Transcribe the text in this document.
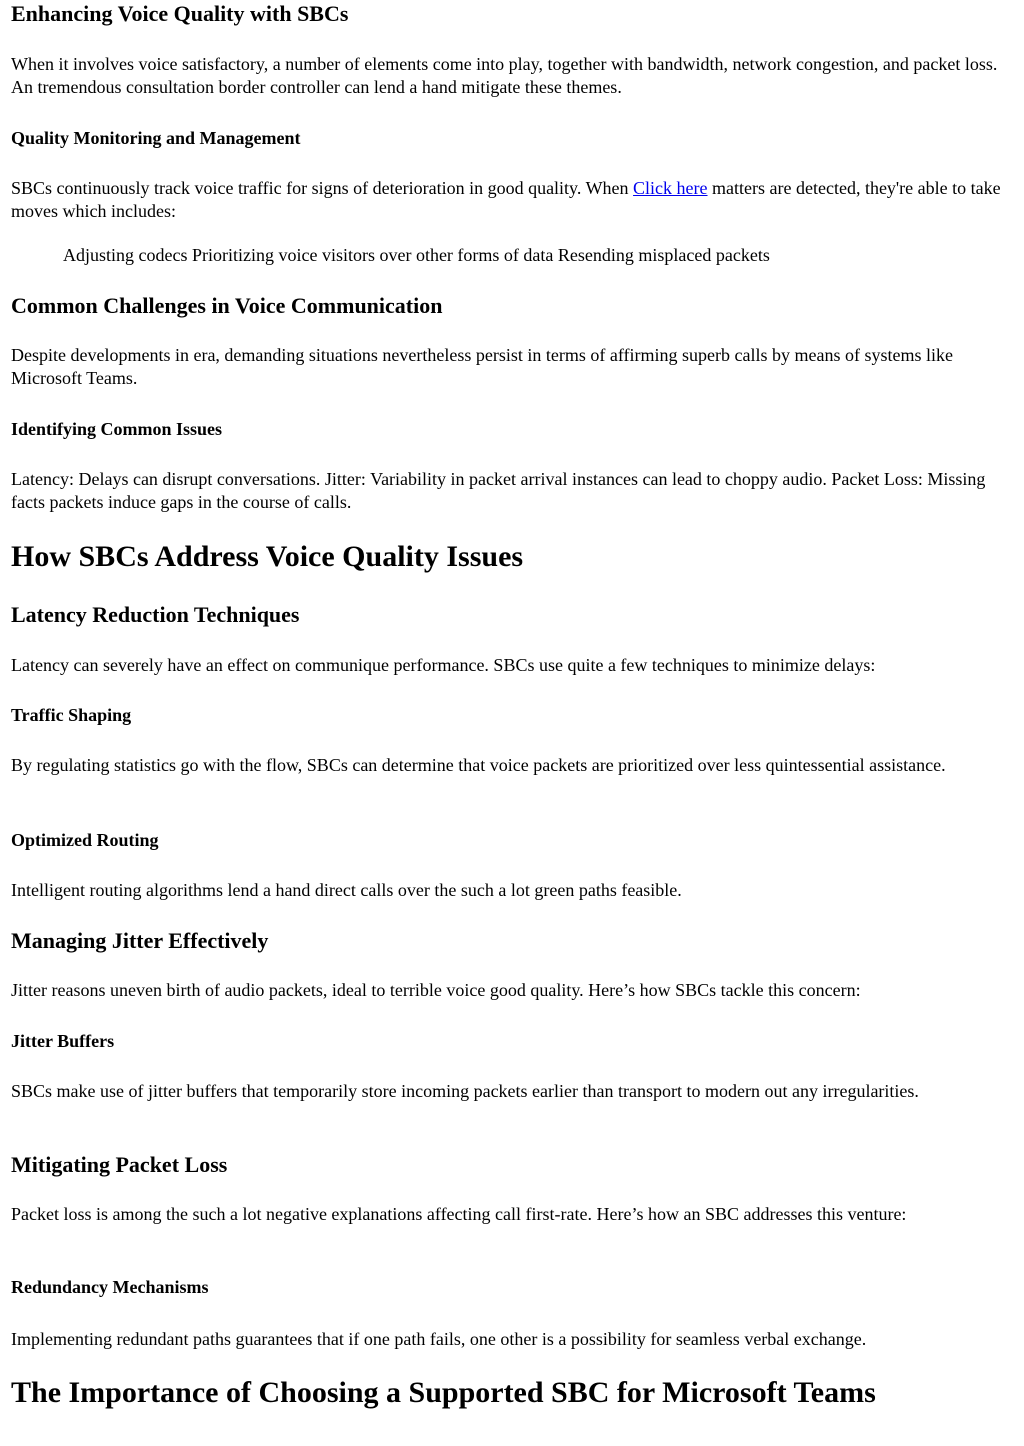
Enhancing Voice Quality with SBCs

When it involves voice satisfactory, a number of elements come into play, together with bandwidth, network congestion, and packet loss. An tremendous consultation border controller can lend a hand mitigate these themes.

Quality Monitoring and Management

SBCs continuously track voice traffic for signs of deterioration in good quality. When Click here matters are detected, they're able to take moves which includes:

Adjusting codecs Prioritizing voice visitors over other forms of data Resending misplaced packets

Common Challenges in Voice Communication

Despite developments in era, demanding situations nevertheless persist in terms of affirming superb calls by means of systems like Microsoft Teams.

Identifying Common Issues

Latency: Delays can disrupt conversations. Jitter: Variability in packet arrival instances can lead to choppy audio. Packet Loss: Missing facts packets induce gaps in the course of calls.

How SBCs Address Voice Quality Issues
Latency Reduction Techniques

Latency can severely have an effect on communique performance. SBCs use quite a few techniques to minimize delays:

Traffic Shaping

By regulating statistics go with the flow, SBCs can determine that voice packets are prioritized over less quintessential assistance.

Optimized Routing

Intelligent routing algorithms lend a hand direct calls over the such a lot green paths feasible.

Managing Jitter Effectively

Jitter reasons uneven birth of audio packets, ideal to terrible voice good quality. Here’s how SBCs tackle this concern:

Jitter Buffers

SBCs make use of jitter buffers that temporarily store incoming packets earlier than transport to modern out any irregularities.

Mitigating Packet Loss

Packet loss is among the such a lot negative explanations affecting call first-rate. Here’s how an SBC addresses this venture:

Redundancy Mechanisms

Implementing redundant paths guarantees that if one path fails, one other is a possibility for seamless verbal exchange.

The Importance of Choosing a Supported SBC for Microsoft Teams
